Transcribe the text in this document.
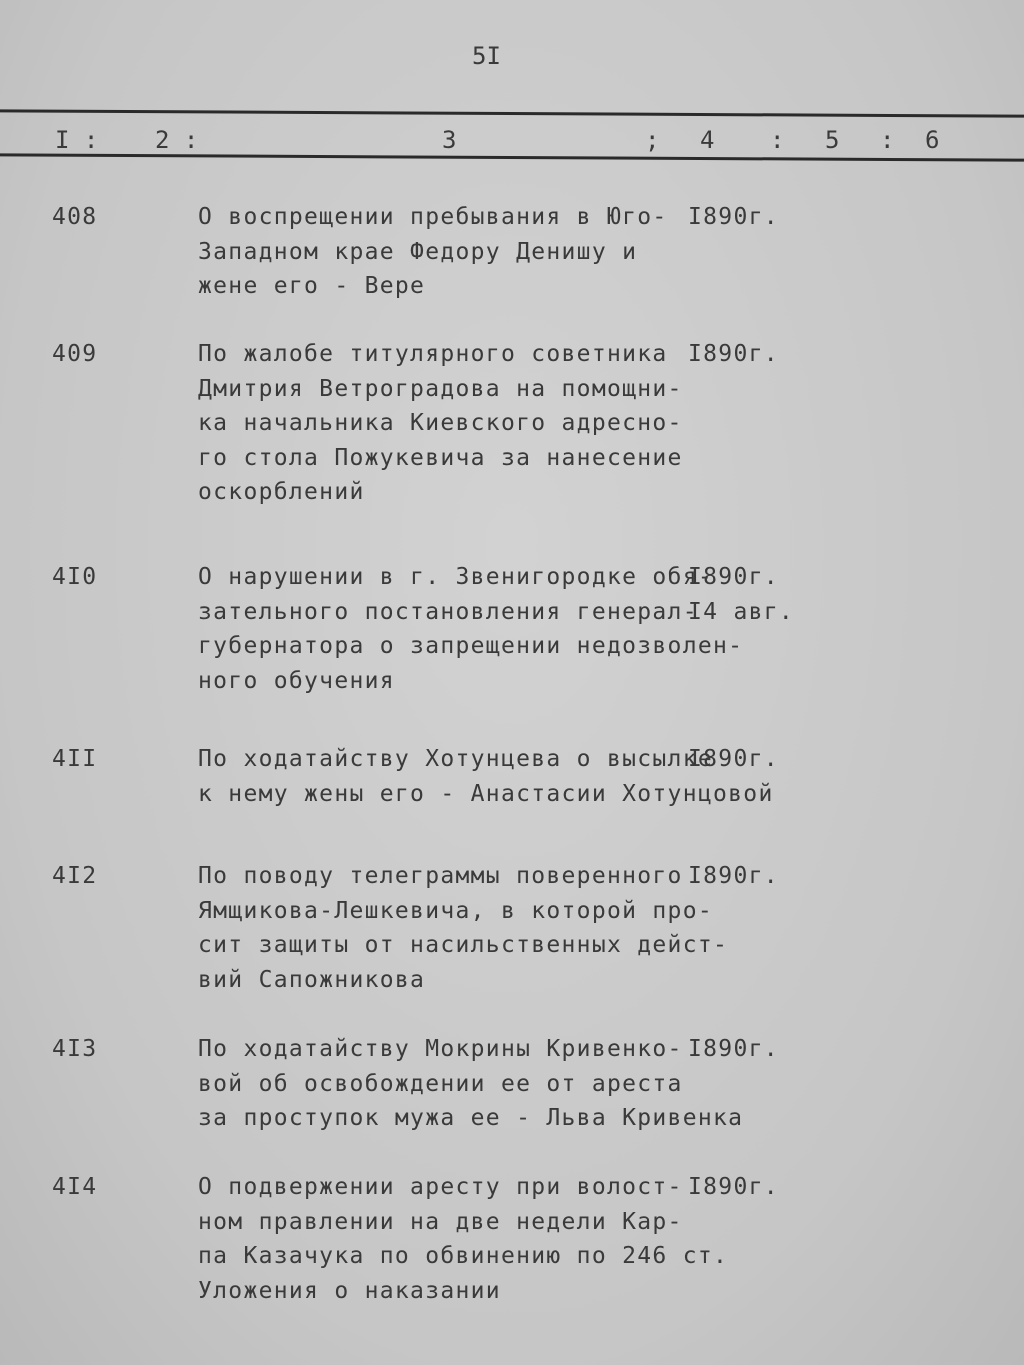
5I
I : 2 :	3	; 4 : 5 : 6
408	О воспрещении пребывания в Юго-
Западном крае Федору Денишу и
жене его - Вере
I890г.
409	По жалобе титулярного советника
Дмитрия Ветроградова на помощни-
ка начальника Киевского адресно-
го стола Пожукевича за нанесение
оскорблений
I890г.
4I0	О нарушении в г. Звенигородке обя-
зательного постановления генерал-
губернатора о запрещении недозволен-
ного обучения
I890г.
I4 авг.
4II	По ходатайству Хотунцева о высылке
к нему жены его - Анастасии Хотунцовой
I890г.
4I2	По поводу телеграммы поверенного
Ямщикова-Лешкевича, в которой про-
сит защиты от насильственных дейст-
вий Сапожникова
I890г.
4I3	По ходатайству Мокрины Кривенко-
вой об освобождении ее от ареста
за проступок мужа ее - Льва Кривенка
I890г.
4I4	О подвержении аресту при волост-
ном правлении на две недели Кар-
па Казачука по обвинению по 246 ст.
Уложения о наказании
I890г.
